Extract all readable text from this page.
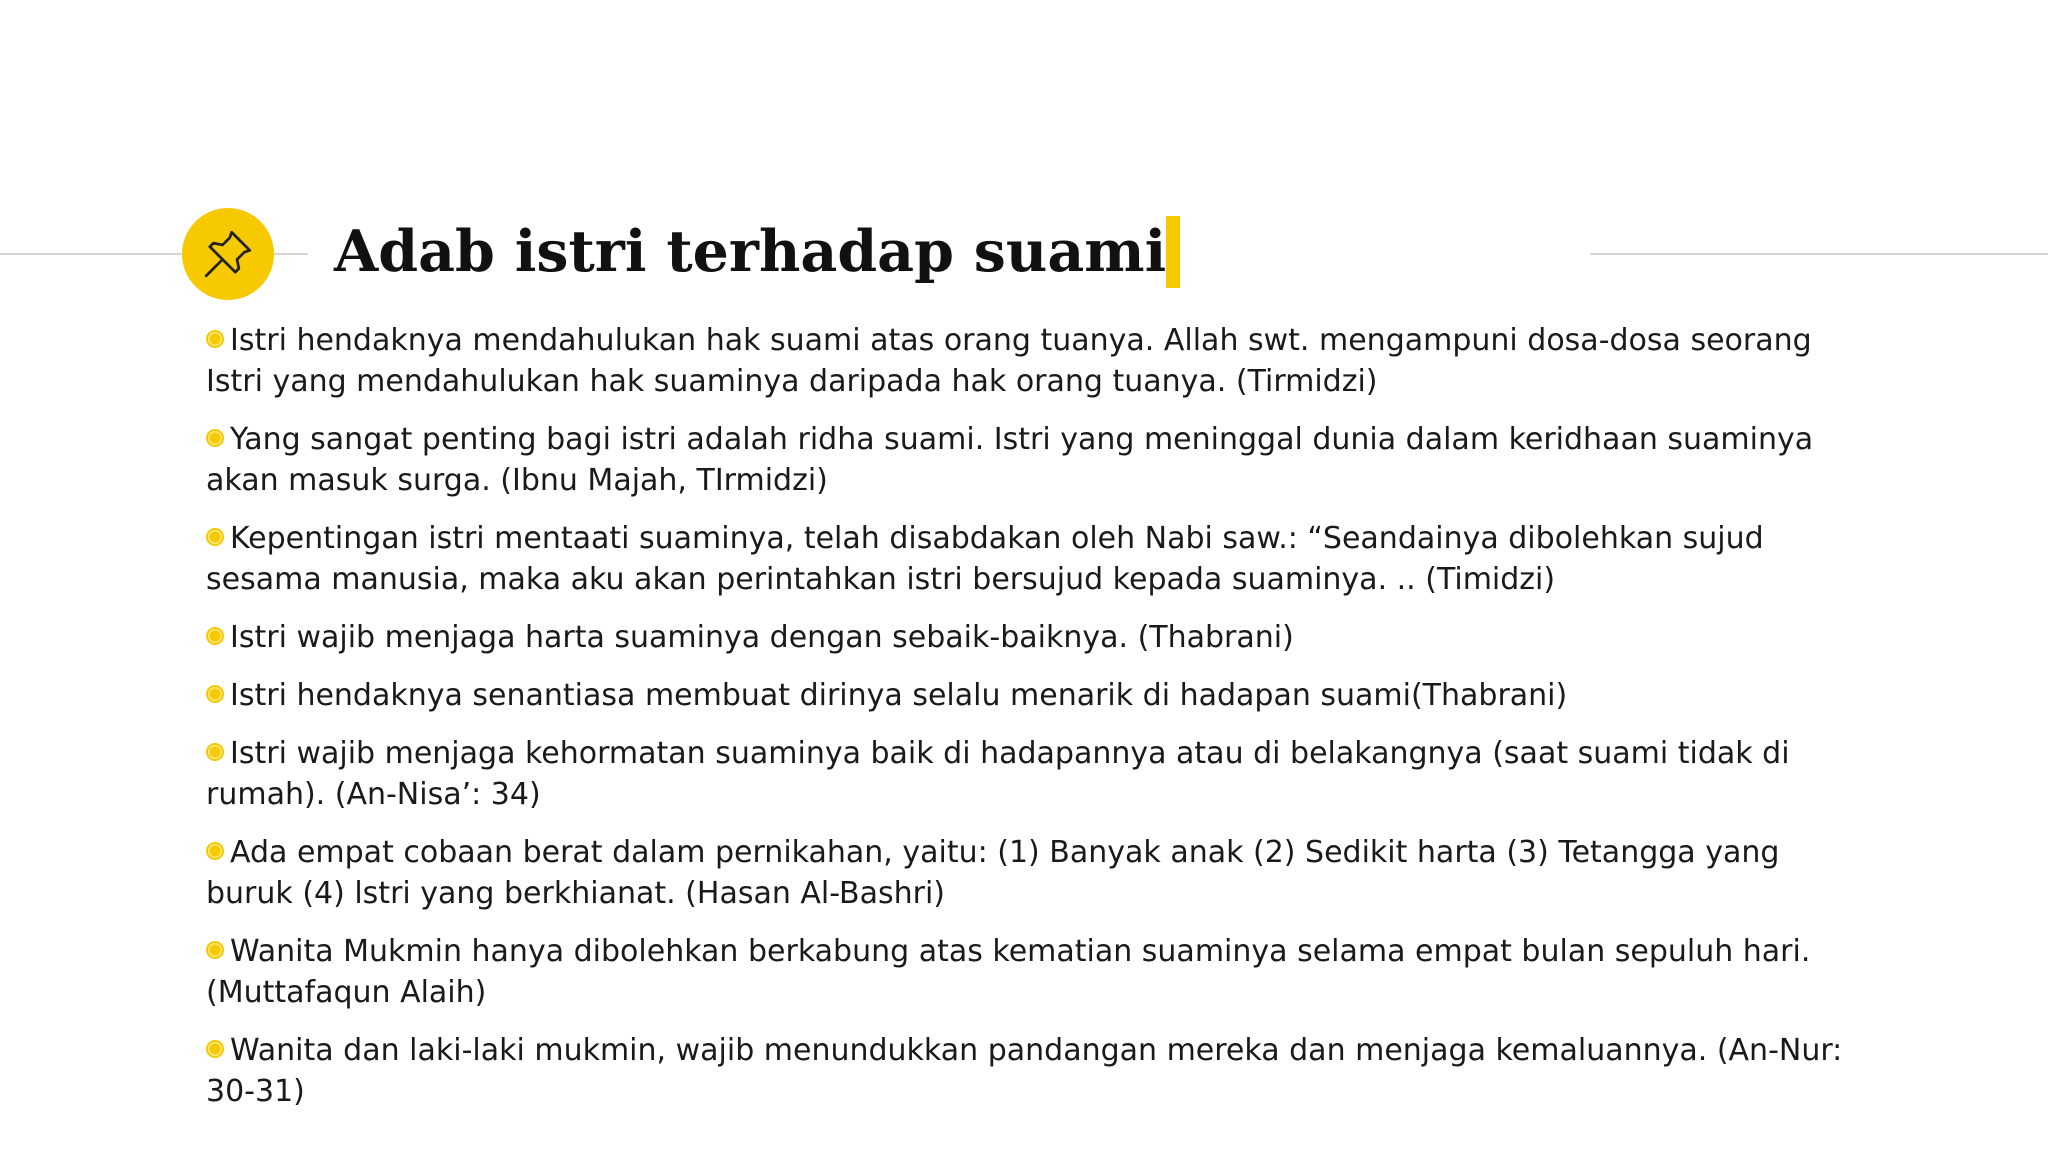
Adab istri terhadap suami
Istri hendaknya mendahulukan hak suami atas orang tuanya. Allah swt. mengampuni dosa-dosa seorang Istri yang mendahulukan hak suaminya daripada hak orang tuanya. (Tirmidzi)
Yang sangat penting bagi istri adalah ridha suami. Istri yang meninggal dunia dalam keridhaan suaminya akan masuk surga. (Ibnu Majah, TIrmidzi)
Kepentingan istri mentaati suaminya, telah disabdakan oleh Nabi saw.: “Seandainya dibolehkan sujud sesama manusia, maka aku akan perintahkan istri bersujud kepada suaminya. .. (Timidzi)
Istri wajib menjaga harta suaminya dengan sebaik-baiknya. (Thabrani)
Istri hendaknya senantiasa membuat dirinya selalu menarik di hadapan suami(Thabrani)
Istri wajib menjaga kehormatan suaminya baik di hadapannya atau di belakangnya (saat suami tidak di rumah). (An-Nisa’: 34)
Ada empat cobaan berat dalam pernikahan, yaitu: (1) Banyak anak (2) Sedikit harta (3) Tetangga yang buruk (4) lstri yang berkhianat. (Hasan Al-Bashri)
Wanita Mukmin hanya dibolehkan berkabung atas kematian suaminya selama empat bulan sepuluh hari. (Muttafaqun Alaih)
Wanita dan laki-laki mukmin, wajib menundukkan pandangan mereka dan menjaga kemaluannya. (An-Nur: 30-31)
